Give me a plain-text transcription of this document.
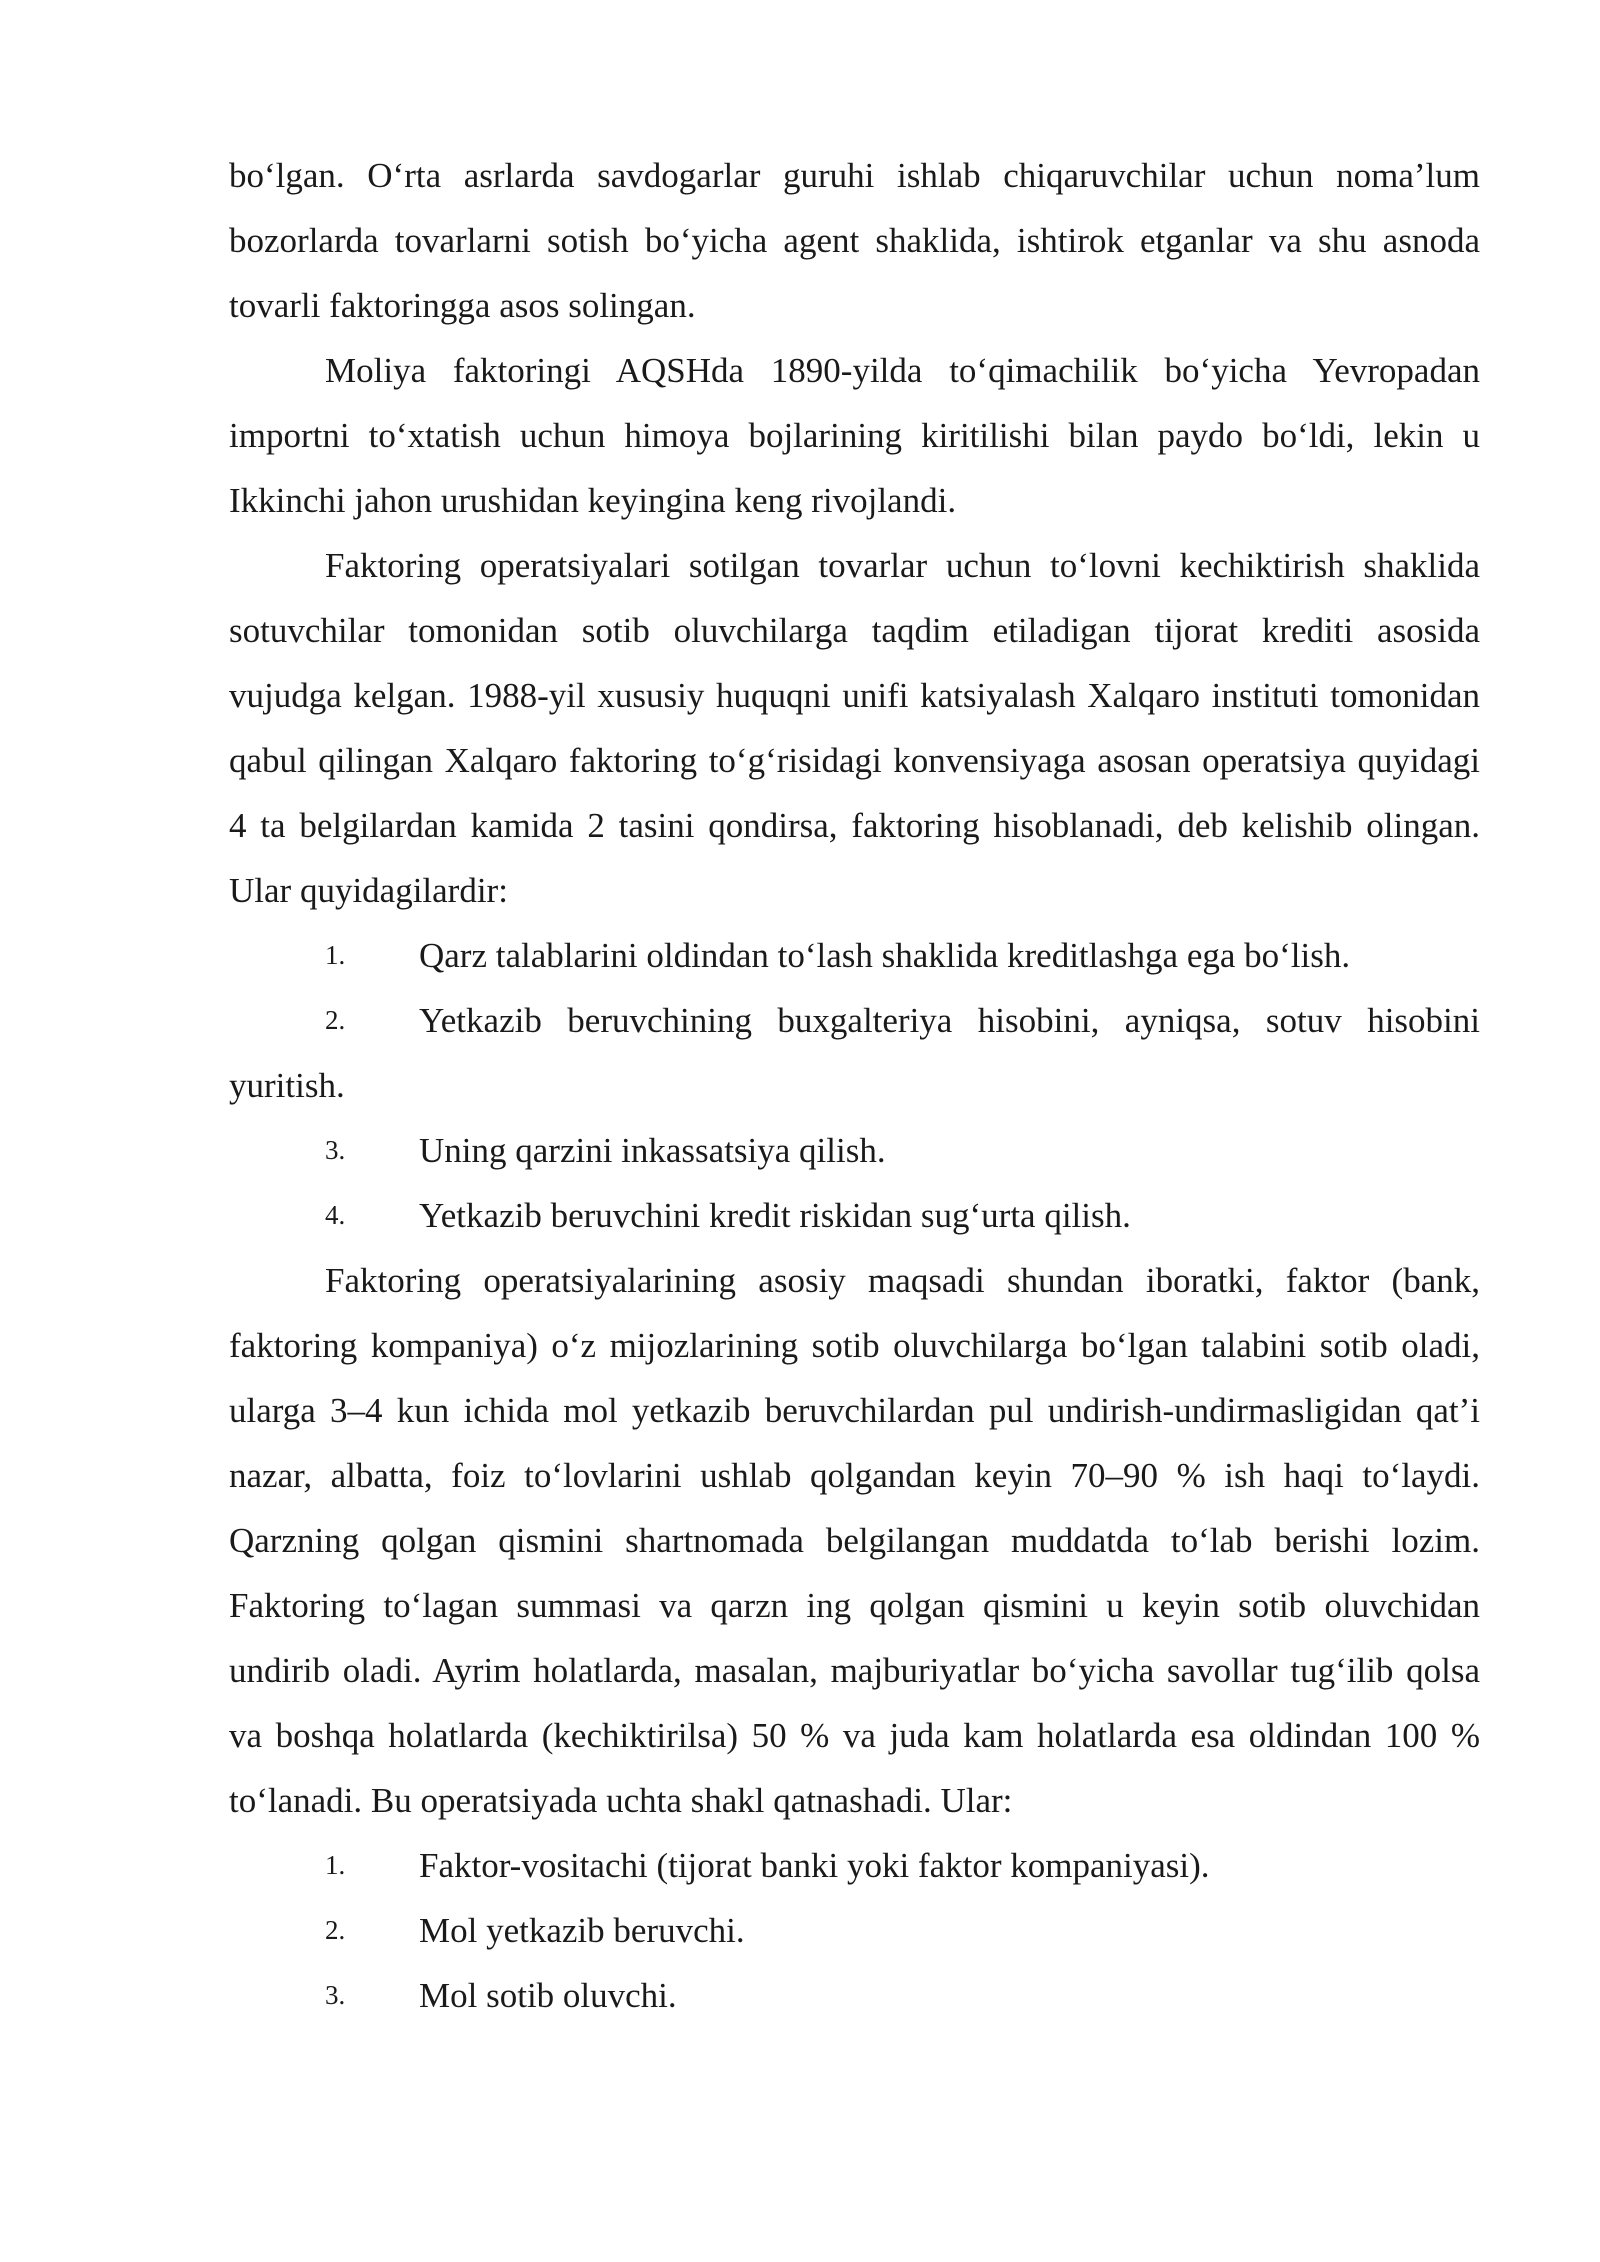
bo‘lgan. O‘rta asrlarda savdogarlar guruhi ishlab chiqaruvchilar uchun noma’lum bozorlarda tovarlarni sotish bo‘yicha agent shaklida, ishtirok etganlar va shu asnoda tovarli faktoringga asos solingan.

Moliya faktoringi AQSHda 1890-yilda to‘qimachilik bo‘yicha Yevropadan importni to‘xtatish uchun himoya bojlarining kiritilishi bilan paydo bo‘ldi, lekin u Ikkinchi jahon urushidan keyingina keng rivojlandi.

Faktoring operatsiyalari sotilgan tovarlar uchun to‘lovni kechiktirish shaklida sotuvchilar tomonidan sotib oluvchilarga taqdim etiladigan tijorat krediti asosida vujudga kelgan. 1988-yil xususiy huquqni unifi katsiyalash Xalqaro instituti tomonidan qabul qilingan Xalqaro faktoring to‘g‘risidagi konvensiyaga asosan operatsiya quyidagi 4 ta belgilardan kamida 2 tasini qondirsa, faktoring hisoblanadi, deb kelishib olingan. Ular quyidagilardir:

1. Qarz talablarini oldindan to‘lash shaklida kreditlashga ega bo‘lish.

2. Yetkazib beruvchining buxgalteriya hisobini, ayniqsa, sotuv hisobini yuritish.

3. Uning qarzini inkassatsiya qilish.

4. Yetkazib beruvchini kredit riskidan sug‘urta qilish.

Faktoring operatsiyalarining asosiy maqsadi shundan iboratki, faktor (bank, faktoring kompaniya) o‘z mijozlarining sotib oluvchilarga bo‘lgan talabini sotib oladi, ularga 3–4 kun ichida mol yetkazib beruvchilardan pul undirish-undirmasligidan qat’i nazar, albatta, foiz to‘lovlarini ushlab qolgandan keyin 70–90 % ish haqi to‘laydi. Qarzning qolgan qismini shartnomada belgilangan muddatda to‘lab berishi lozim. Faktoring to‘lagan summasi va qarzn ing qolgan qismini u keyin sotib oluvchidan undirib oladi. Ayrim holatlarda, masalan, majburiyatlar bo‘yicha savollar tug‘ilib qolsa va boshqa holatlarda (kechiktirilsa) 50 % va juda kam holatlarda esa oldindan 100 % to‘lanadi. Bu operatsiyada uchta shakl qatnashadi. Ular:

1. Faktor-vositachi (tijorat banki yoki faktor kompaniyasi).

2. Mol yetkazib beruvchi.

3. Mol sotib oluvchi.
